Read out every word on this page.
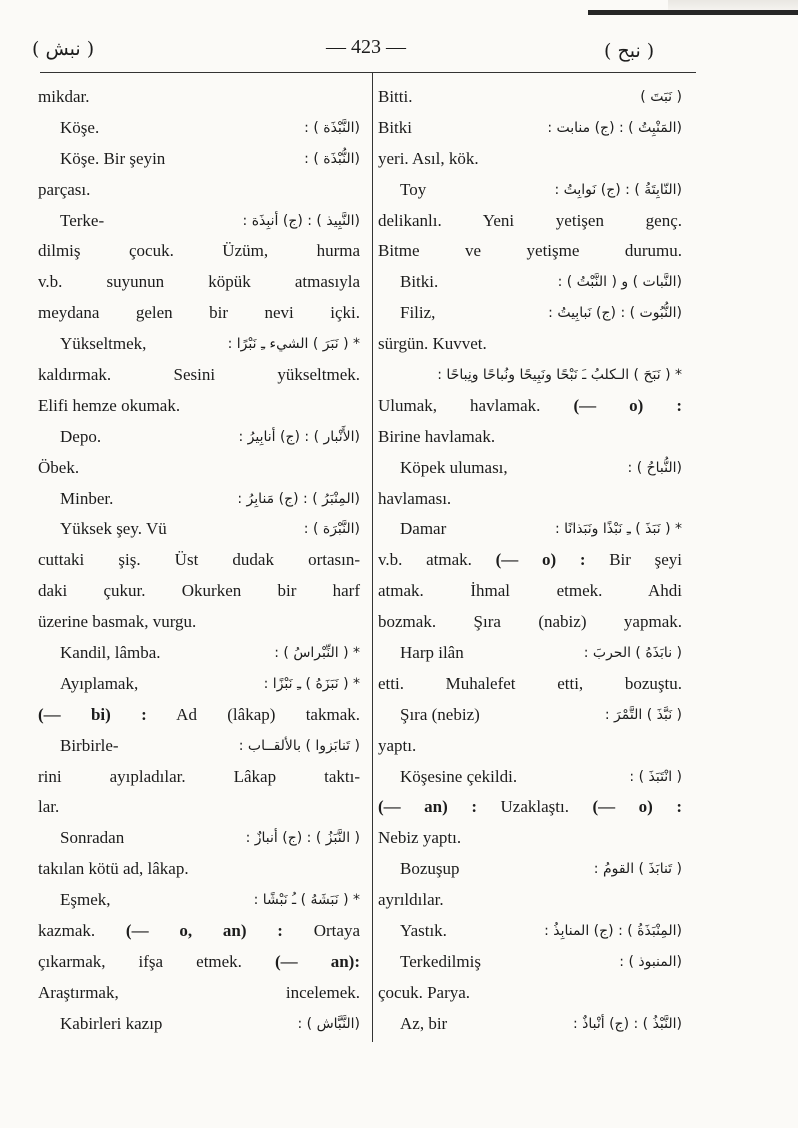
( نبش )	— 423 —	( نبح )
mikdar.
Köşe.	(النَّبْذَة ) :
Köşe. Bir şeyin	(النُّبْذَة ) :
parçası.
Terke-	(النَّبِيذ ) : (ج) أنبِذَة :
dilmiş çocuk. Üzüm, hurma
v.b. suyunun köpük atmasıyla
meydana gelen bir nevi içki.
Yükseltmek,	* ( نَبَرَ ) الشيء ـِ نَبْرًا :
kaldırmak. Sesini yükseltmek.
Elifi hemze okumak.
Depo.	(الأَنْبار ) : (ج) أنابِيرُ :
Öbek.
Minber.	(المِنْبَرُ ) : (ج) مَنابِرُ :
Yüksek şey. Vü	(النَّبْرَة ) :
cuttaki şiş. Üst dudak ortasın-
daki çukur. Okurken bir harf
üzerine basmak, vurgu.
Kandil, lâmba.	* ( النِّبْراسُ ) :
Ayıplamak,	* ( نَبَزَهُ ) ـِ نَبْزًا :
(— bi) : Ad (lâkap) takmak.
Birbirle-	( تَنابَزوا ) بالألقــاب :
rini ayıpladılar. Lâkap taktı-
lar.
Sonradan	( النَّبَزُ ) : (ج) أنبازٌ :
takılan kötü ad, lâkap.
Eşmek,	* ( نَبَشَهُ ) ـُ نَبْشًا :
kazmak. (— o, an) : Ortaya
çıkarmak, ifşa etmek. (— an):
Araştırmak, incelemek.
Kabirleri kazıp	(النَّبَّاش ) :
Bitti.	( نَبَتَ )
Bitki	(المَنْبِتُ ) : (ج) منابت :
yeri. Asıl, kök.
Toy	(النّابِتَةُ ) : (ج) نَوابِتُ :
delikanlı. Yeni yetişen genç.
Bitme ve yetişme durumu.
Bitki.	(النَّبات ) و ( النَّبْتُ ) :
Filiz,	(النُّبُوت ) : (ج) نَبابِيتُ :
sürgün. Kuvvet.
* ( نَبَحَ ) الـكلبُ ـَ نَبْحًا ونَبِيحًا ونُباحًا ونِباحًا :
Ulumak, havlamak. (— o) :
Birine havlamak.
Köpek uluması,	(النُّباحُ ) :
havlaması.
Damar	* ( نَبَذَ ) ـِ نَبْذًا ونَبَذانًا :
v.b. atmak. (— o) : Bir şeyi
atmak. İhmal etmek. Ahdi
bozmak. Şıra (nabiz) yapmak.
Harp ilân	( نابَذَهُ ) الحربَ :
etti. Muhalefet etti, bozuştu.
Şıra (nebiz)	( نَبَّذَ ) التَّمْرَ :
yaptı.
Köşesine çekildi.	( انْتَبَذَ ) :
(— an) : Uzaklaştı. (— o) :
Nebiz yaptı.
Bozuşup	( تَنابَذَ ) القومُ :
ayrıldılar.
Yastık.	(المِنْبَذَةُ ) : (ج) المنابِذُ :
Terkedilmiş	(المنبوذ ) :
çocuk. Parya.
Az, bir	(النَّبْذُ ) : (ج) أنْباذٌ :
